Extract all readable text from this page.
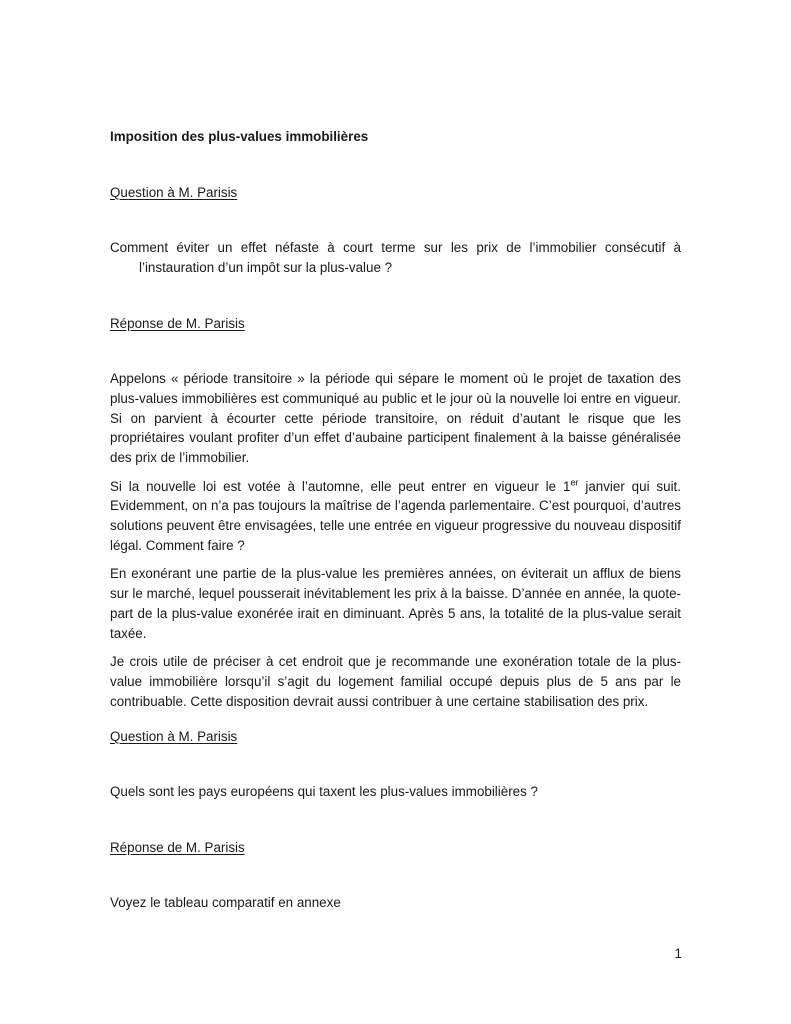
Imposition des plus-values immobilières
Question à M. Parisis
Comment éviter un effet néfaste à court terme sur les prix de l’immobilier consécutif à l’instauration d’un impôt sur la plus-value ?
Réponse de M. Parisis

Appelons « période transitoire » la période qui sépare le moment où le projet de taxation des plus-values immobilières est communiqué au public et le jour où la nouvelle loi entre en vigueur. Si on parvient à écourter cette période transitoire, on réduit d’autant le risque que les propriétaires voulant profiter d’un effet d’aubaine participent finalement à la baisse généralisée des prix de l’immobilier.

Si la nouvelle loi est votée à l’automne, elle peut entrer en vigueur le 1er janvier qui suit. Evidemment, on n’a pas toujours la maîtrise de l’agenda parlementaire. C’est pourquoi, d’autres solutions peuvent être envisagées, telle une entrée en vigueur progressive du nouveau dispositif légal. Comment faire ?

En exonérant une partie de la plus-value les premières années, on éviterait un afflux de biens sur le marché, lequel pousserait inévitablement les prix à la baisse. D’année en année, la quote-part de la plus-value exonérée irait en diminuant. Après 5 ans, la totalité de la plus-value serait taxée.

Je crois utile de préciser à cet endroit que je recommande une exonération totale de la plus-value immobilière lorsqu’il s’agit du logement familial occupé depuis plus de 5 ans par le contribuable. Cette disposition devrait aussi contribuer à une certaine stabilisation des prix.

Question à M. Parisis
Quels sont les pays européens qui taxent les plus-values immobilières ?
Réponse de M. Parisis
Voyez le tableau comparatif en annexe
1
